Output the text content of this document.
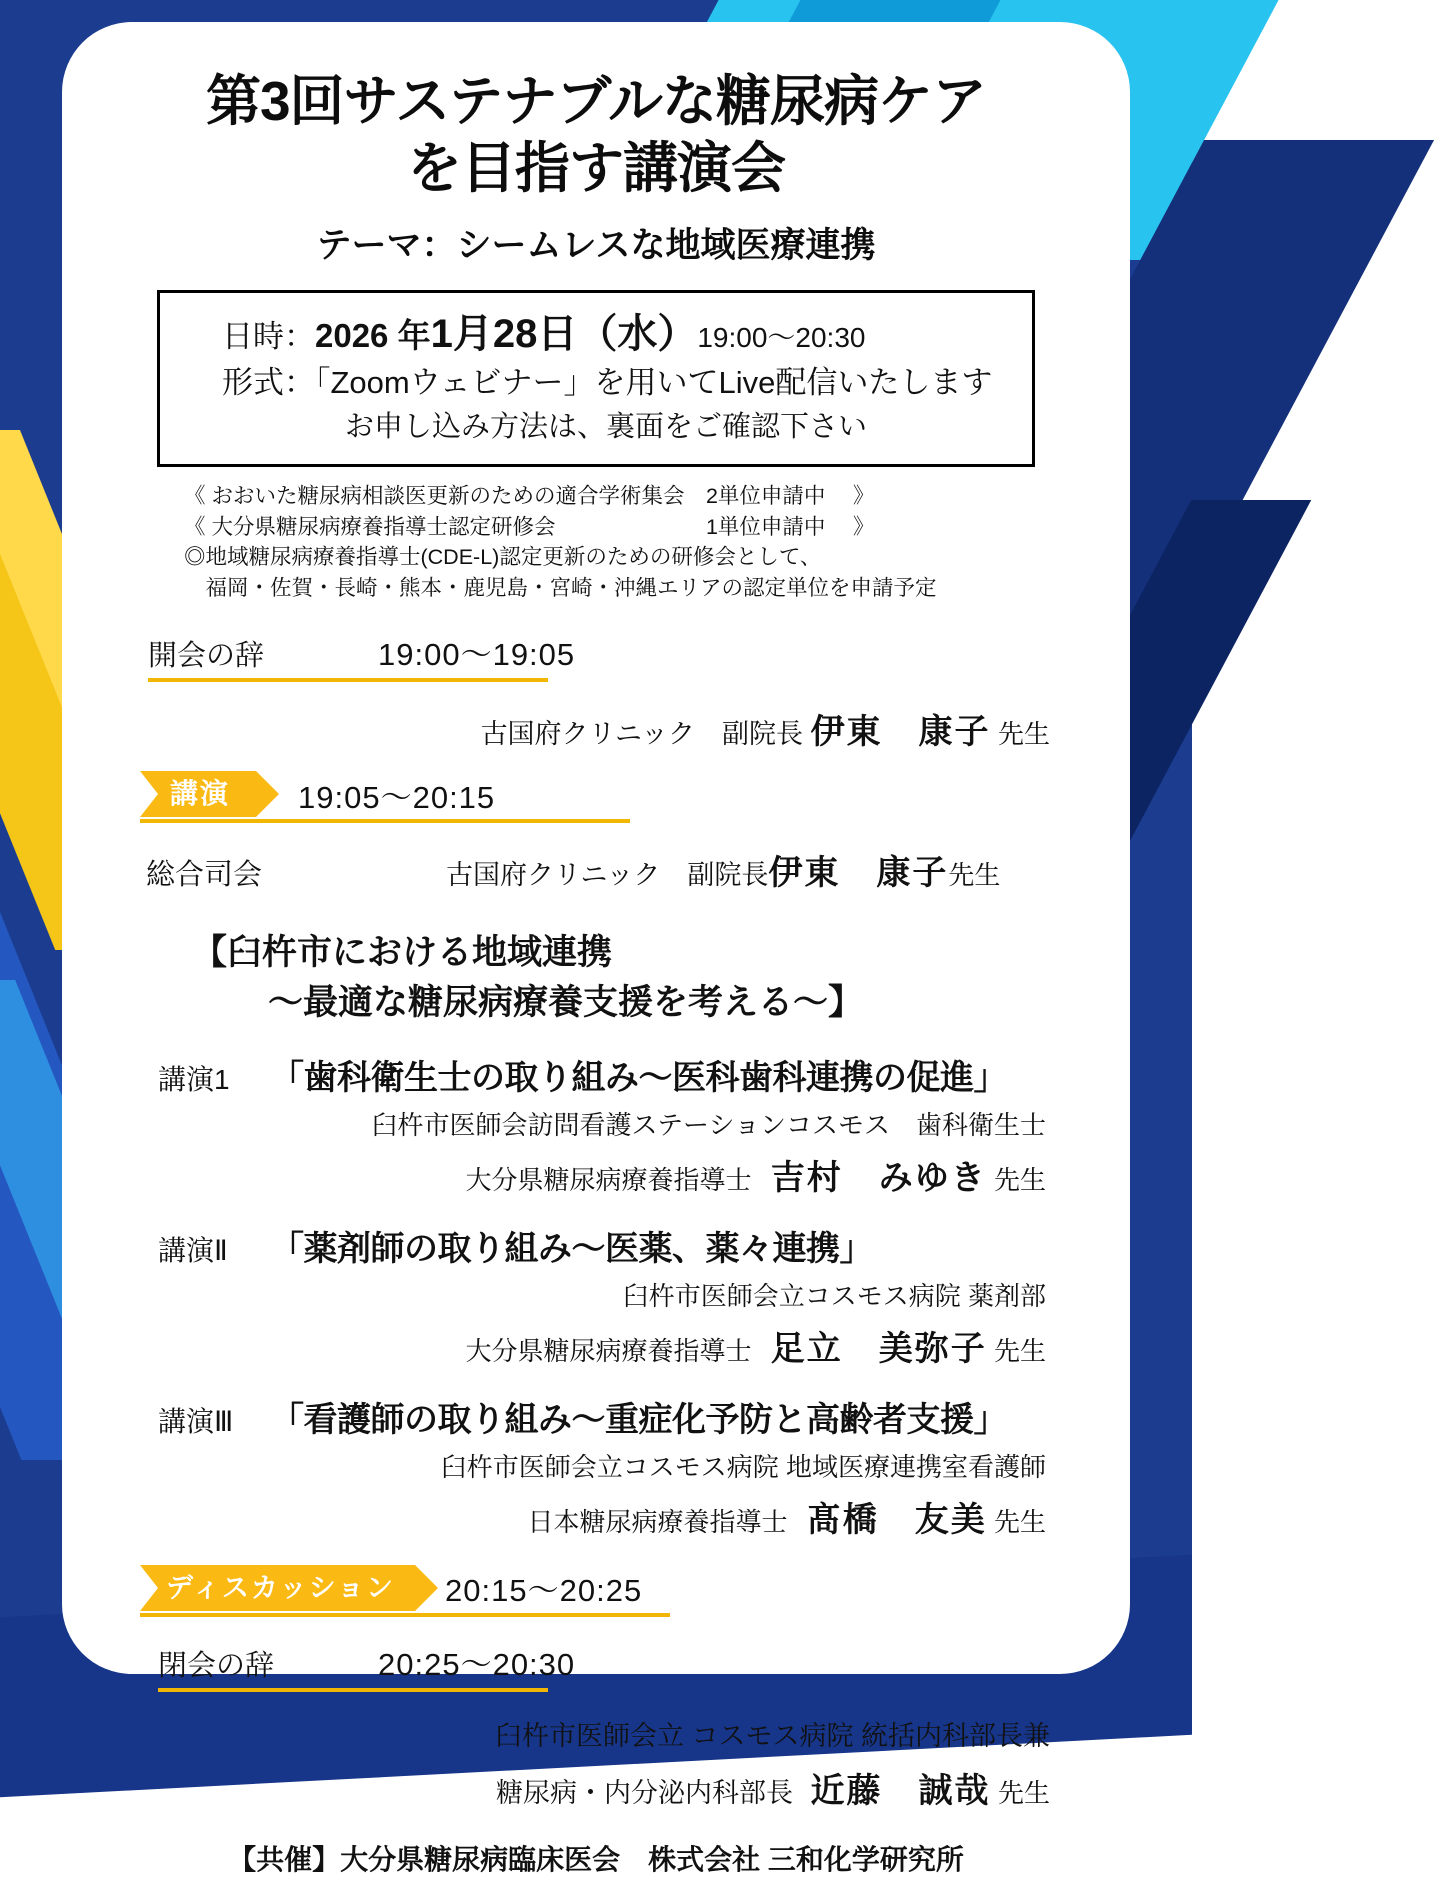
第3回サステナブルな糖尿病ケア
を目指す講演会
テーマ：シームレスな地域医療連携
日時：2026 年1月28日（水）19:00～20:30
形式：「Zoomウェビナー」を用いてLive配信いたします
お申し込み方法は、裏面をご確認下さい
《 おおいた糖尿病相談医更新のための適合学術集会　2単位申請中　 》
《 大分県糖尿病療養指導士認定研修会　　　　　　　1単位申請中　 》
◎地域糖尿病療養指導士(CDE-L)認定更新のための研修会として、
　福岡・佐賀・長崎・熊本・鹿児島・宮崎・沖縄エリアの認定単位を申請予定
開会の辞	19:00～19:05
古国府クリニック　副院長 伊東　康子 先生
講演	19:05～20:15
総合司会	古国府クリニック　副院長 伊東　康子 先生
【臼杵市における地域連携
～最適な糖尿病療養支援を考える～】
講演1	「歯科衛生士の取り組み～医科歯科連携の促進」
臼杵市医師会訪問看護ステーションコスモス　歯科衛生士
大分県糖尿病療養指導士 吉村　みゆき 先生
講演Ⅱ	「薬剤師の取り組み～医薬、薬々連携」
臼杵市医師会立コスモス病院 薬剤部
大分県糖尿病療養指導士 足立　美弥子 先生
講演Ⅲ	「看護師の取り組み～重症化予防と高齢者支援」
臼杵市医師会立コスモス病院 地域医療連携室看護師
日本糖尿病療養指導士 髙橋　友美 先生
ディスカッション	20:15～20:25
閉会の辞	20:25～20:30
臼杵市医師会立 コスモス病院 統括内科部長兼
糖尿病・内分泌内科部長 近藤　誠哉 先生
【共催】大分県糖尿病臨床医会　株式会社 三和化学研究所
